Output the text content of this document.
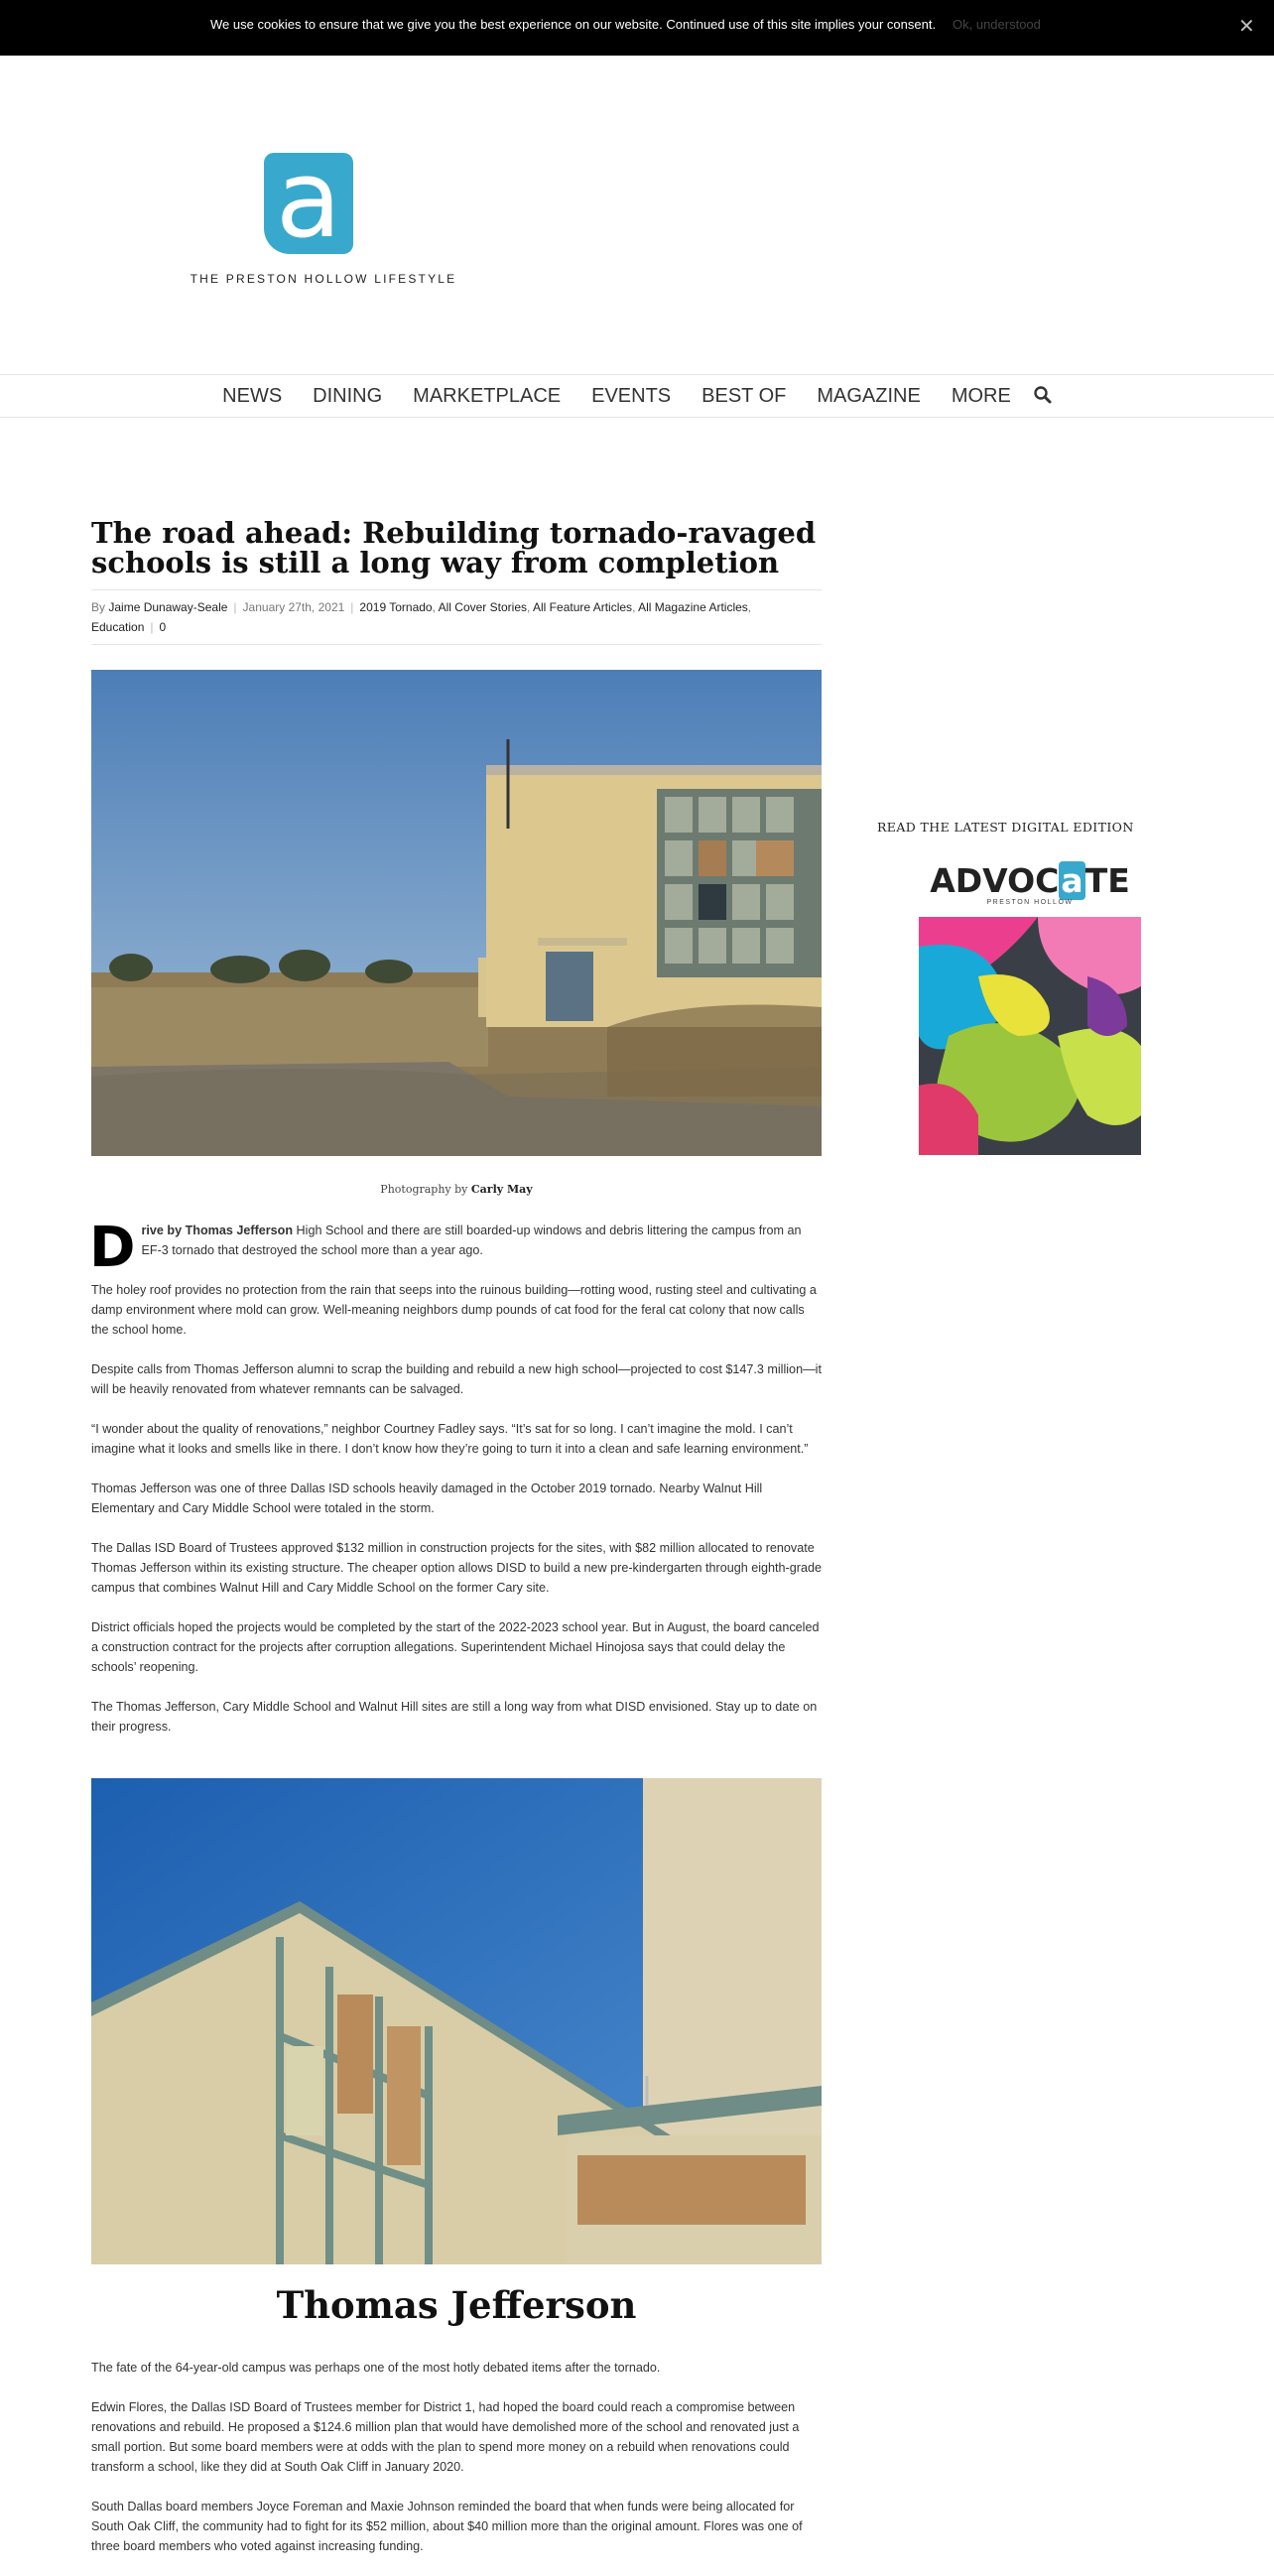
We use cookies to ensure that we give you the best experience on our website. Continued use of this site implies your consent. Ok, understood	✕
a
THE PRESTON HOLLOW LIFESTYLE
NEWS DINING MARKETPLACE EVENTS BEST OF MAGAZINE MORE
The road ahead: Rebuilding tornado-ravaged schools is still a long way from completion
By Jaime Dunaway-Seale | January 27th, 2021 | 2019 Tornado, All Cover Stories, All Feature Articles, All Magazine Articles,
Education | 0
Photography by Carly May

Drive by Thomas Jefferson High School and there are still boarded-up windows and debris littering the campus from an EF-3 tornado that destroyed the school more than a year ago.

The holey roof provides no protection from the rain that seeps into the ruinous building—rotting wood, rusting steel and cultivating a damp environment where mold can grow. Well-meaning neighbors dump pounds of cat food for the feral cat colony that now calls the school home.

Despite calls from Thomas Jefferson alumni to scrap the building and rebuild a new high school—projected to cost $147.3 million—it will be heavily renovated from whatever remnants can be salvaged.

“I wonder about the quality of renovations,” neighbor Courtney Fadley says. “It’s sat for so long. I can’t imagine the mold. I can’t imagine what it looks and smells like in there. I don’t know how they’re going to turn it into a clean and safe learning environment.”

Thomas Jefferson was one of three Dallas ISD schools heavily damaged in the October 2019 tornado. Nearby Walnut Hill Elementary and Cary Middle School were totaled in the storm.

The Dallas ISD Board of Trustees approved $132 million in construction projects for the sites, with $82 million allocated to renovate Thomas Jefferson within its existing structure. The cheaper option allows DISD to build a new pre-kindergarten through eighth-grade campus that combines Walnut Hill and Cary Middle School on the former Cary site.

District officials hoped the projects would be completed by the start of the 2022-2023 school year. But in August, the board canceled a construction contract for the projects after corruption allegations. Superintendent Michael Hinojosa says that could delay the schools’ reopening.

The Thomas Jefferson, Cary Middle School and Walnut Hill sites are still a long way from what DISD envisioned. Stay up to date on their progress.

Thomas Jefferson

The fate of the 64-year-old campus was perhaps one of the most hotly debated items after the tornado.

Edwin Flores, the Dallas ISD Board of Trustees member for District 1, had hoped the board could reach a compromise between renovations and rebuild. He proposed a $124.6 million plan that would have demolished more of the school and renovated just a small portion. But some board members were at odds with the plan to spend more money on a rebuild when renovations could transform a school, like they did at South Oak Cliff in January 2020.

South Dallas board members Joyce Foreman and Maxie Johnson reminded the board that when funds were being allocated for South Oak Cliff, the community had to fight for its $52 million, about $40 million more than the original amount. Flores was one of three board members who voted against increasing funding.

READ THE LATEST DIGITAL EDITION
ADVOCaTE
PRESTON HOLLOW
